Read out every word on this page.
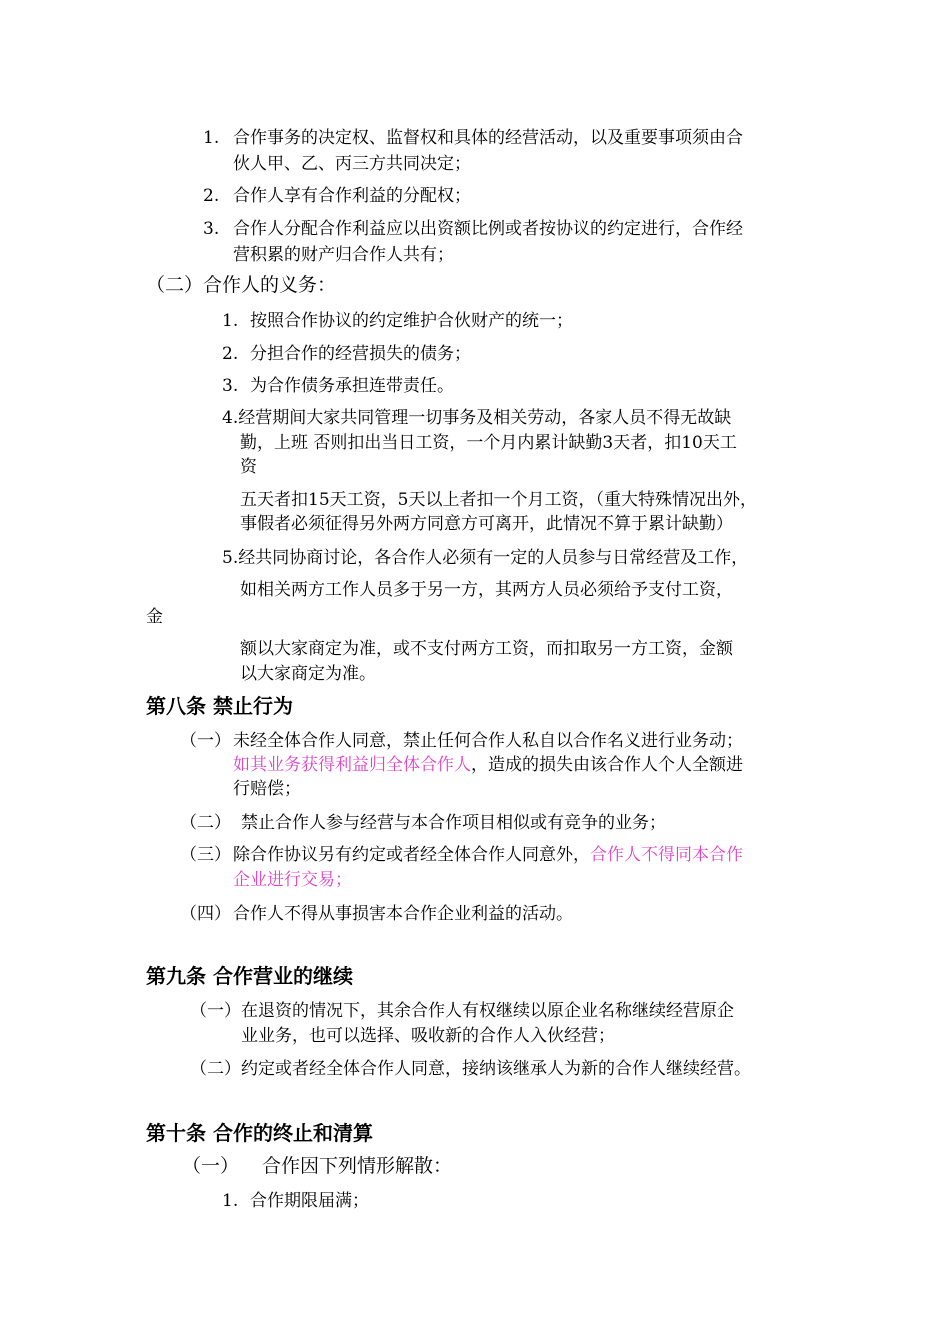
1. 合作事务的决定权、监督权和具体的经营活动，以及重要事项须由合
伙人甲、乙、丙三方共同决定；
2. 合作人享有合作利益的分配权；
3. 合作人分配合作利益应以出资额比例或者按协议的约定进行，合作经
营积累的财产归合作人共有；
（二）合作人的义务：
1. 按照合作协议的约定维护合伙财产的统一；
2. 分担合作的经营损失的债务；
3. 为合作债务承担连带责任。
4.经营期间大家共同管理一切事务及相关劳动，各家人员不得无故缺
勤，上班 否则扣出当日工资，一个月内累计缺勤3天者，扣10天工
资
五天者扣15天工资，5天以上者扣一个月工资，（重大特殊情况出外，
事假者必须征得另外两方同意方可离开，此情况不算于累计缺勤）
5.经共同协商讨论，各合作人必须有一定的人员参与日常经营及工作，
如相关两方工作人员多于另一方，其两方人员必须给予支付工资，
金
额以大家商定为准，或不支付两方工资，而扣取另一方工资，金额
以大家商定为准。
第八条 禁止行为
（一） 未经全体合作人同意，禁止任何合作人私自以合作名义进行业务动；
如其业务获得利益归全体合作人，造成的损失由该合作人个人全额进
行赔偿；
（二） 禁止合作人参与经营与本合作项目相似或有竞争的业务；
（三） 除合作协议另有约定或者经全体合作人同意外，合作人不得同本合作
企业进行交易；
（四） 合作人不得从事损害本合作企业利益的活动。
第九条 合作营业的继续
（一） 在退资的情况下，其余合作人有权继续以原企业名称继续经营原企
业业务，也可以选择、吸收新的合作人入伙经营；
（二） 约定或者经全体合作人同意，接纳该继承人为新的合作人继续经营。
第十条 合作的终止和清算
（一） 合作因下列情形解散：
1. 合作期限届满；
